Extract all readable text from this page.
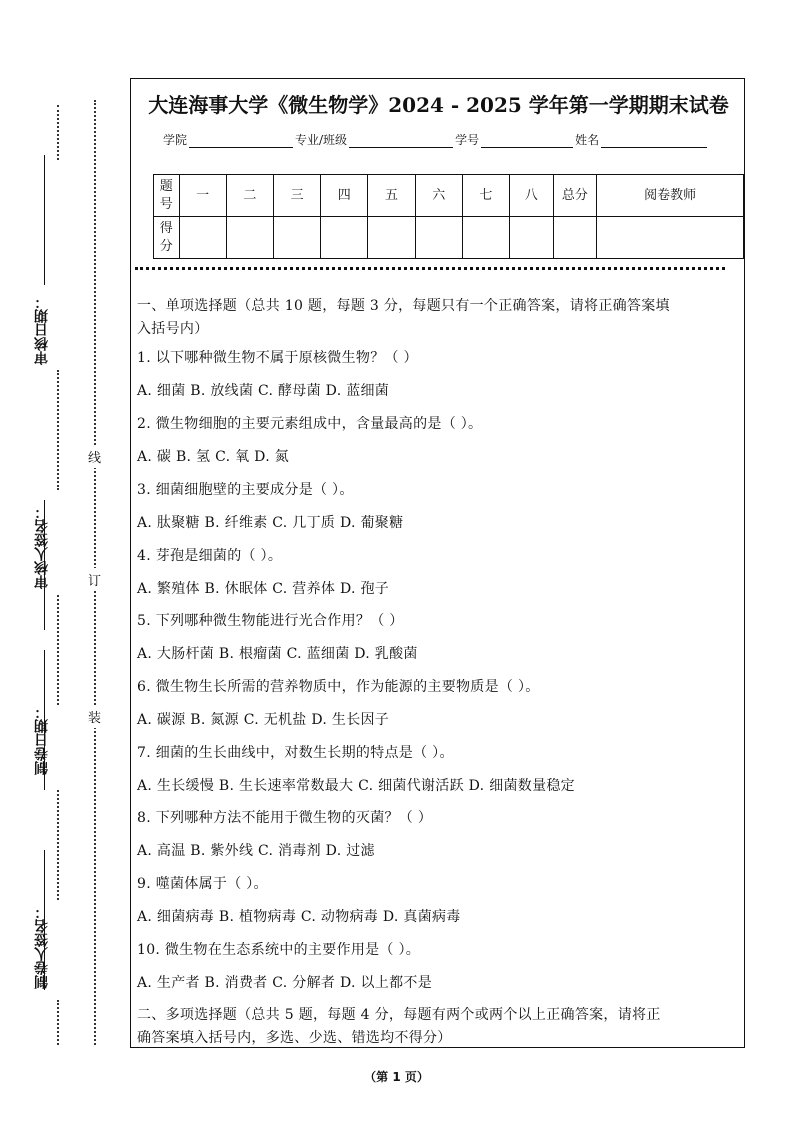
审核日期：
审核人签名：
制卷日期：
制卷人签名：
线
订
装
大连海事大学《微生物学》2024 - 2025 学年第一学期期末试卷
学院	专业/班级	学号	姓名
题号	一	二	三	四	五	六	七	八	总分	阅卷教师
得分										
一、单项选择题（总共 10 题，每题 3 分，每题只有一个正确答案，请将正确答案填
入括号内）
1. 以下哪种微生物不属于原核微生物？（ ）
A. 细菌 B. 放线菌 C. 酵母菌 D. 蓝细菌
2. 微生物细胞的主要元素组成中，含量最高的是（ ）。
A. 碳 B. 氢 C. 氧 D. 氮
3. 细菌细胞壁的主要成分是（ ）。
A. 肽聚糖 B. 纤维素 C. 几丁质 D. 葡聚糖
4. 芽孢是细菌的（ ）。
A. 繁殖体 B. 休眠体 C. 营养体 D. 孢子
5. 下列哪种微生物能进行光合作用？（ ）
A. 大肠杆菌 B. 根瘤菌 C. 蓝细菌 D. 乳酸菌
6. 微生物生长所需的营养物质中，作为能源的主要物质是（ ）。
A. 碳源 B. 氮源 C. 无机盐 D. 生长因子
7. 细菌的生长曲线中，对数生长期的特点是（ ）。
A. 生长缓慢 B. 生长速率常数最大 C. 细菌代谢活跃 D. 细菌数量稳定
8. 下列哪种方法不能用于微生物的灭菌？（ ）
A. 高温 B. 紫外线 C. 消毒剂 D. 过滤
9. 噬菌体属于（ ）。
A. 细菌病毒 B. 植物病毒 C. 动物病毒 D. 真菌病毒
10. 微生物在生态系统中的主要作用是（ ）。
A. 生产者 B. 消费者 C. 分解者 D. 以上都不是
二、多项选择题（总共 5 题，每题 4 分，每题有两个或两个以上正确答案，请将正
确答案填入括号内，多选、少选、错选均不得分）
（第 1 页）
